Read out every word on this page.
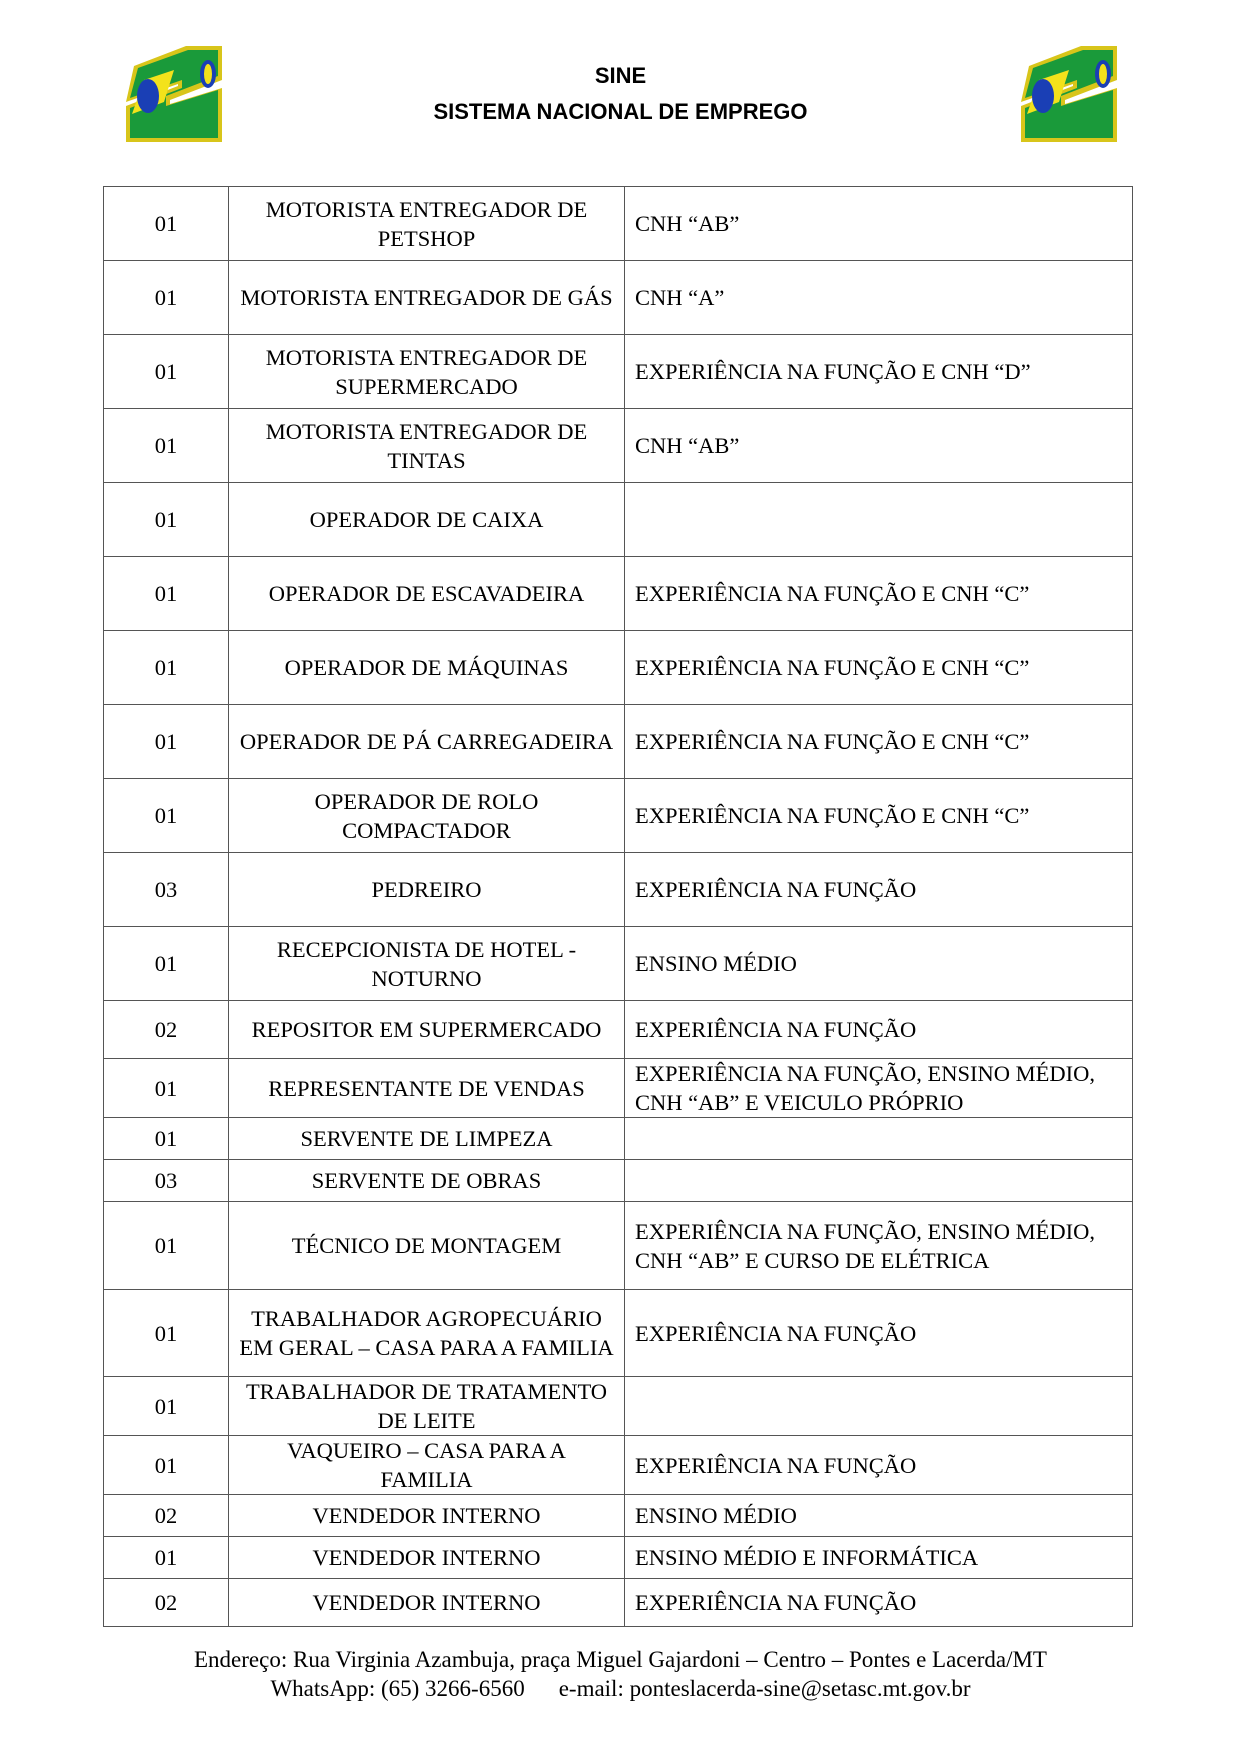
SINE
SISTEMA NACIONAL DE EMPREGO
01	MOTORISTA ENTREGADOR DE PETSHOP	CNH “AB”
01	MOTORISTA ENTREGADOR DE GÁS	CNH “A”
01	MOTORISTA ENTREGADOR DE SUPERMERCADO	EXPERIÊNCIA NA FUNÇÃO E CNH “D”
01	MOTORISTA ENTREGADOR DE TINTAS	CNH “AB”
01	OPERADOR DE CAIXA	
01	OPERADOR DE ESCAVADEIRA	EXPERIÊNCIA NA FUNÇÃO E CNH “C”
01	OPERADOR DE MÁQUINAS	EXPERIÊNCIA NA FUNÇÃO E CNH “C”
01	OPERADOR DE PÁ CARREGADEIRA	EXPERIÊNCIA NA FUNÇÃO E CNH “C”
01	OPERADOR DE ROLO COMPACTADOR	EXPERIÊNCIA NA FUNÇÃO E CNH “C”
03	PEDREIRO	EXPERIÊNCIA NA FUNÇÃO
01	RECEPCIONISTA DE HOTEL - NOTURNO	ENSINO MÉDIO
02	REPOSITOR EM SUPERMERCADO	EXPERIÊNCIA NA FUNÇÃO
01	REPRESENTANTE DE VENDAS	EXPERIÊNCIA NA FUNÇÃO, ENSINO MÉDIO, CNH “AB” E VEICULO PRÓPRIO
01	SERVENTE DE LIMPEZA	
03	SERVENTE DE OBRAS	
01	TÉCNICO DE MONTAGEM	EXPERIÊNCIA NA FUNÇÃO, ENSINO MÉDIO, CNH “AB” E CURSO DE ELÉTRICA
01	TRABALHADOR AGROPECUÁRIO EM GERAL – CASA PARA A FAMILIA	EXPERIÊNCIA NA FUNÇÃO
01	TRABALHADOR DE TRATAMENTO DE LEITE	
01	VAQUEIRO – CASA PARA A FAMILIA	EXPERIÊNCIA NA FUNÇÃO
02	VENDEDOR INTERNO	ENSINO MÉDIO
01	VENDEDOR INTERNO	ENSINO MÉDIO E INFORMÁTICA
02	VENDEDOR INTERNO	EXPERIÊNCIA NA FUNÇÃO
Endereço: Rua Virginia Azambuja, praça Miguel Gajardoni – Centro – Pontes e Lacerda/MT
WhatsApp: (65) 3266-6560 e-mail: ponteslacerda-sine@setasc.mt.gov.br
